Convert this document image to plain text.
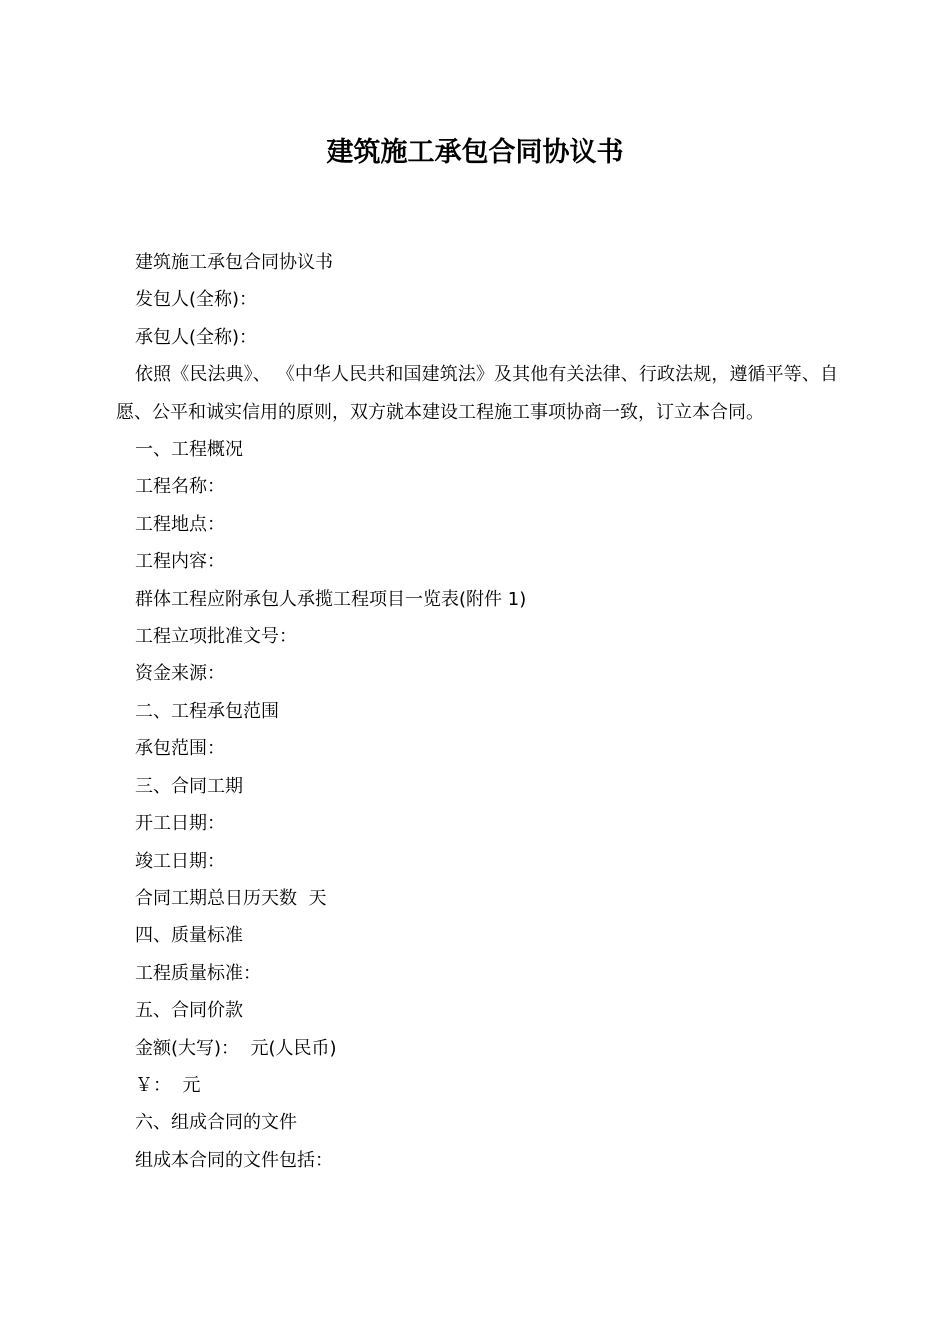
建筑施工承包合同协议书

建筑施工承包合同协议书

发包人(全称)：

承包人(全称)：

依照《民法典》、 《中华人民共和国建筑法》及其他有关法律、行政法规，遵循平等、自愿、公平和诚实信用的原则，双方就本建设工程施工事项协商一致，订立本合同。

一、工程概况

工程名称：

工程地点：

工程内容：

群体工程应附承包人承揽工程项目一览表(附件 1)

工程立项批准文号：

资金来源：

二、工程承包范围

承包范围：

三、合同工期

开工日期：

竣工日期：

合同工期总日历天数  天

四、质量标准

工程质量标准：

五、合同价款

金额(大写)：  元(人民币)

￥：  元

六、组成合同的文件

组成本合同的文件包括：
